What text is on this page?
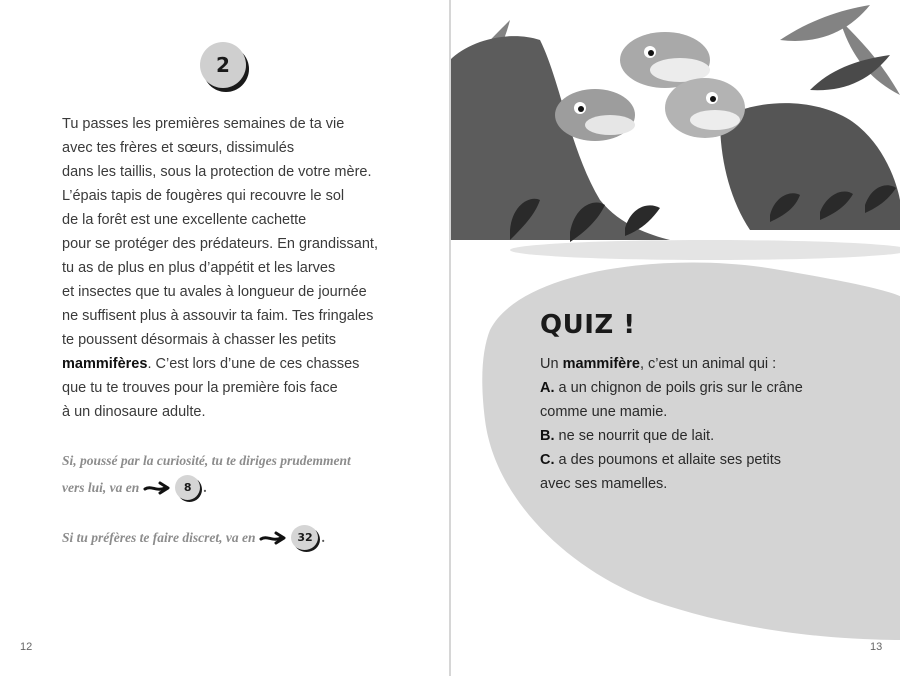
2
Tu passes les premières semaines de ta vie
avec tes frères et sœurs, dissimulés
dans les taillis, sous la protection de votre mère.
L’épais tapis de fougères qui recouvre le sol
de la forêt est une excellente cachette
pour se protéger des prédateurs. En grandissant,
tu as de plus en plus d’appétit et les larves
et insectes que tu avales à longueur de journée
ne suffisent plus à assouvir ta faim. Tes fringales
te poussent désormais à chasser les petits
mammifères. C’est lors d’une de ces chasses
que tu te trouves pour la première fois face
à un dinosaure adulte.
Si, poussé par la curiosité, tu te diriges prudemment
vers lui, va en	8 .
Si tu préfères te faire discret, va en	32 .
12
QUIZ !
Un mammifère, c’est un animal qui :
A. a un chignon de poils gris sur le crâne
comme une mamie.
B. ne se nourrit que de lait.
C. a des poumons et allaite ses petits
avec ses mamelles.
13
